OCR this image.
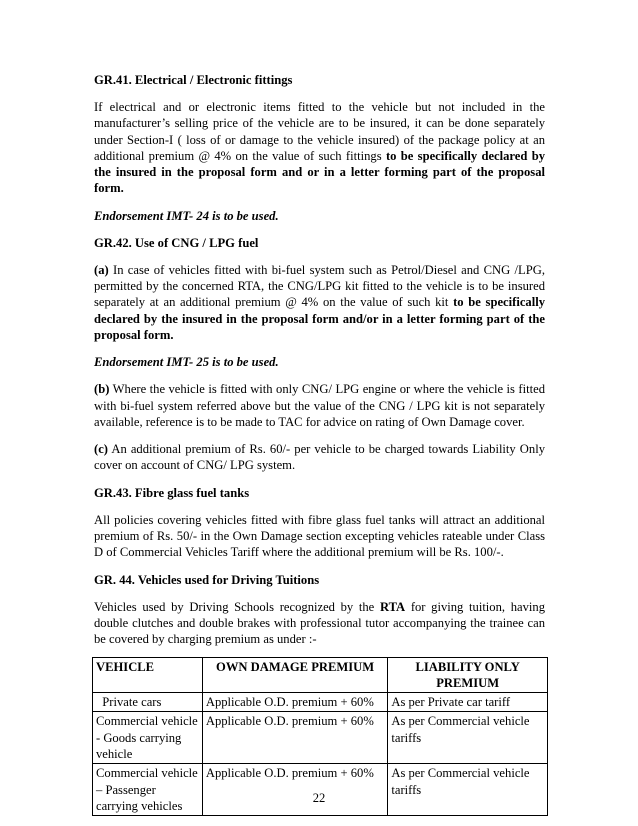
GR.41. Electrical / Electronic fittings

If electrical and or electronic items fitted to the vehicle but not included in the manufacturer’s selling price of the vehicle are to be insured, it can be done separately under Section-I ( loss of or damage to the vehicle insured) of the package policy at an additional premium @ 4% on the value of such fittings to be specifically declared by the insured in the proposal form and or in a letter forming part of the proposal form.

Endorsement IMT- 24 is to be used.

GR.42. Use of CNG / LPG fuel

(a) In case of vehicles fitted with bi-fuel system such as Petrol/Diesel and CNG /LPG, permitted by the concerned RTA, the CNG/LPG kit fitted to the vehicle is to be insured separately at an additional premium @ 4% on the value of such kit to be specifically declared by the insured in the proposal form and/or in a letter forming part of the proposal form.

Endorsement IMT- 25 is to be used.

(b) Where the vehicle is fitted with only CNG/ LPG engine or where the vehicle is fitted with bi-fuel system referred above but the value of the CNG / LPG kit is not separately available, reference is to be made to TAC for advice on rating of Own Damage cover.

(c) An additional premium of Rs. 60/- per vehicle to be charged towards Liability Only cover on account of CNG/ LPG system.

GR.43. Fibre glass fuel tanks

All policies covering vehicles fitted with fibre glass fuel tanks will attract an additional premium of Rs. 50/- in the Own Damage section excepting vehicles rateable under Class D of Commercial Vehicles Tariff where the additional premium will be Rs. 100/-.

GR. 44. Vehicles used for Driving Tuitions

Vehicles used by Driving Schools recognized by the RTA for giving tuition, having double clutches and double brakes with professional tutor accompanying the trainee can be covered by charging premium as under :-

VEHICLE	OWN DAMAGE PREMIUM	LIABILITY ONLY PREMIUM
Private cars	Applicable O.D. premium + 60%	As per Private car tariff
Commercial vehicle - Goods carrying vehicle	Applicable O.D. premium + 60%	As per Commercial vehicle tariffs
Commercial vehicle – Passenger carrying vehicles	Applicable O.D. premium + 60%	As per Commercial vehicle tariffs
22
